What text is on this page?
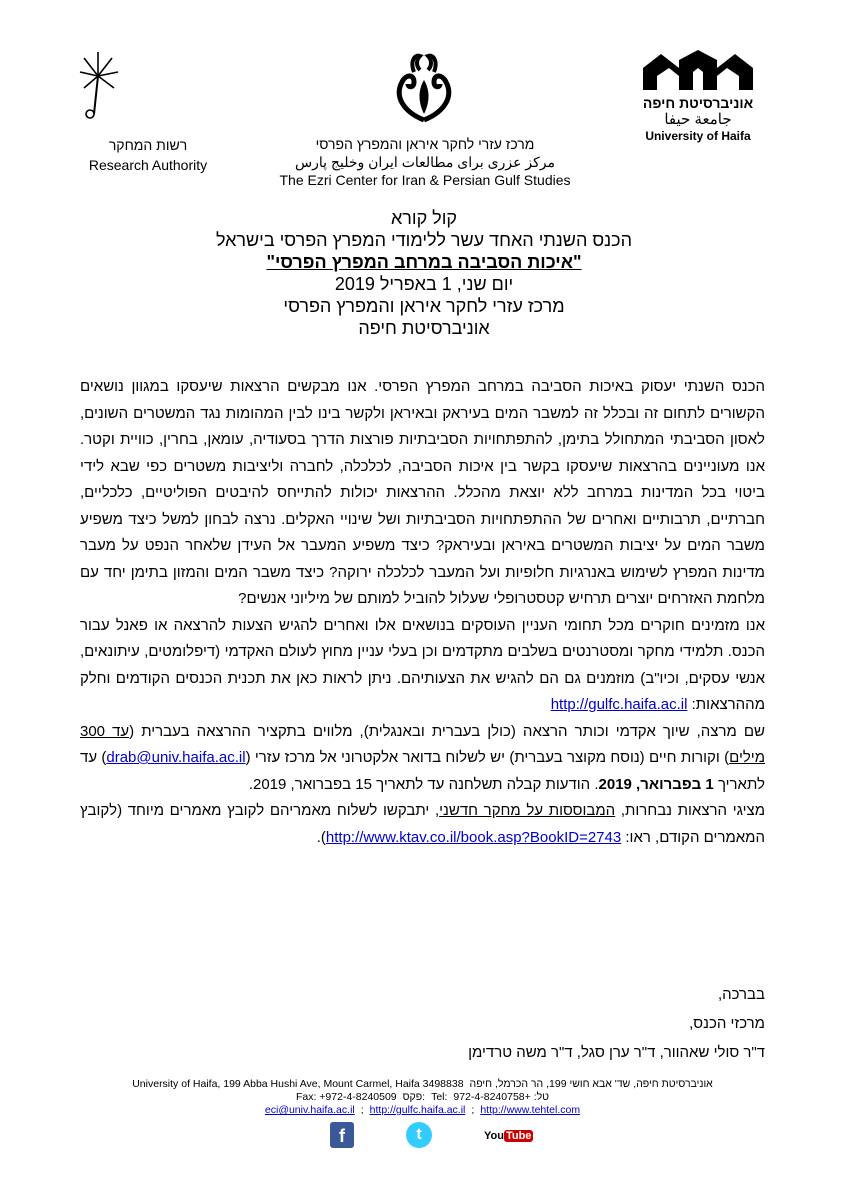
אוניברסיטת חיפה
جامعة حيفا
University of Haifa
רשות המחקר
Research Authority
מרכז עזרי לחקר איראן והמפרץ הפרסי
مرکز عزری برای مطالعات ایران وخلیج پارس
The Ezri Center for Iran & Persian Gulf Studies
קול קורא
הכנס השנתי האחד עשר ללימודי המפרץ הפרסי בישראל
"איכות הסביבה במרחב המפרץ הפרסי"
יום שני, 1 באפריל 2019
מרכז עזרי לחקר איראן והמפרץ הפרסי
אוניברסיטת חיפה

הכנס השנתי יעסוק באיכות הסביבה במרחב המפרץ הפרסי. אנו מבקשים הרצאות שיעסקו במגוון נושאים הקשורים לתחום זה ובכלל זה למשבר המים בעיראק ובאיראן ולקשר בינו לבין המהומות נגד המשטרים השונים, לאסון הסביבתי המתחולל בתימן, להתפתחויות הסביבתיות פורצות הדרך בסעודיה, עומאן, בחרין, כוויית וקטר. אנו מעוניינים בהרצאות שיעסקו בקשר בין איכות הסביבה, לכלכלה, לחברה וליציבות משטרים כפי שבא לידי ביטוי בכל המדינות במרחב ללא יוצאת מהכלל. ההרצאות יכולות להתייחס להיבטים הפוליטיים, כלכליים, חברתיים, תרבותיים ואחרים של ההתפתחויות הסביבתיות ושל שינויי האקלים. נרצה לבחון למשל כיצד משפיע משבר המים על יציבות המשטרים באיראן ובעיראק? כיצד משפיע המעבר אל העידן שלאחר הנפט על מעבר מדינות המפרץ לשימוש באנרגיות חלופיות ועל המעבר לכלכלה ירוקה? כיצד משבר המים והמזון בתימן יחד עם מלחמת האזרחים יוצרים תרחיש קטסטרופלי שעלול להוביל למותם של מיליוני אנשים?

אנו מזמינים חוקרים מכל תחומי העניין העוסקים בנושאים אלו ואחרים להגיש הצעות להרצאה או פאנל עבור הכנס. תלמידי מחקר ומסטרנטים בשלבים מתקדמים וכן בעלי עניין מחוץ לעולם האקדמי (דיפלומטים, עיתונאים, אנשי עסקים, וכיו"ב) מוזמנים גם הם להגיש את הצעותיהם. ניתן לראות כאן את תכנית הכנסים הקודמים וחלק מההרצאות: http://gulfc.haifa.ac.il

שם מרצה, שיוך אקדמי וכותר הרצאה (כולן בעברית ובאנגלית), מלווים בתקציר ההרצאה בעברית (עד 300 מילים) וקורות חיים (נוסח מקוצר בעברית) יש לשלוח בדואר אלקטרוני אל מרכז עזרי (drab@univ.haifa.ac.il) עד לתאריך 1 בפברואר, 2019. הודעות קבלה תשלחנה עד לתאריך 15 בפברואר, 2019.

מציגי הרצאות נבחרות, המבוססות על מחקר חדשני, יתבקשו לשלוח מאמריהם לקובץ מאמרים מיוחד (לקובץ המאמרים הקודם, ראו: http://www.ktav.co.il/book.asp?BookID=2743).

בברכה,
מרכזי הכנס,
ד"ר סולי שאהוור, ד"ר ערן סגל, ד"ר משה טרדימן
University of Haifa, 199 Abba Hushi Ave, Mount Carmel, Haifa 3498838 אוניברסיטת חיפה, שד' אבא חושי 199, הר הכרמל, חיפה
Fax: +972-4-8240509 פקס: Tel: טל: +972-4-8240758
eci@univ.haifa.ac.il ; http://gulfc.haifa.ac.il ; http://www.tehtel.com
f	t	You Tube
